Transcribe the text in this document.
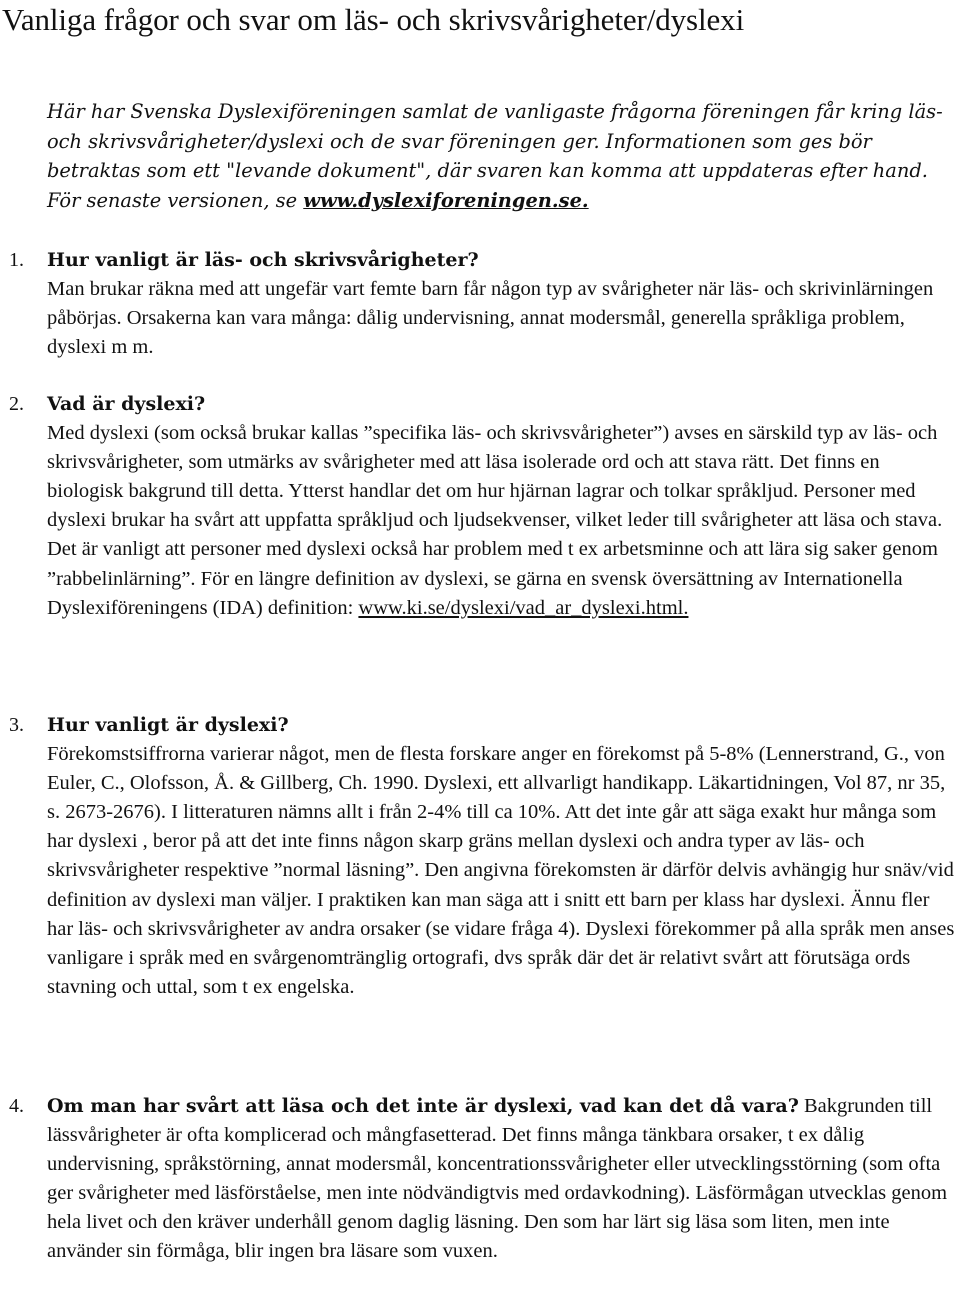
Vanliga frågor och svar om läs- och skrivsvårigheter/dyslexi

Här har Svenska Dyslexiföreningen samlat de vanligaste frågorna föreningen får kring läs- och skrivsvårigheter/dyslexi och de svar föreningen ger. Informationen som ges bör betraktas som ett "levande dokument", där svaren kan komma att uppdateras efter hand. För senaste versionen, se www.dyslexiforeningen.se.

1. Hur vanligt är läs- och skrivsvårigheter?
Man brukar räkna med att ungefär vart femte barn får någon typ av svårigheter när läs- och skrivinlärningen påbörjas. Orsakerna kan vara många: dålig undervisning, annat modersmål, generella språkliga problem, dyslexi m m.

2. Vad är dyslexi?
Med dyslexi (som också brukar kallas ”specifika läs- och skrivsvårigheter”) avses en särskild typ av läs- och skrivsvårigheter, som utmärks av svårigheter med att läsa isolerade ord och att stava rätt. Det finns en biologisk bakgrund till detta. Ytterst handlar det om hur hjärnan lagrar och tolkar språkljud. Personer med dyslexi brukar ha svårt att uppfatta språkljud och ljudsekvenser, vilket leder till svårigheter att läsa och stava. Det är vanligt att personer med dyslexi också har problem med t ex arbetsminne och att lära sig saker genom ”rabbelinlärning”. För en längre definition av dyslexi, se gärna en svensk översättning av Internationella Dyslexiföreningens (IDA) definition: www.ki.se/dyslexi/vad_ar_dyslexi.html.

3. Hur vanligt är dyslexi?
Förekomstsiffrorna varierar något, men de flesta forskare anger en förekomst på 5-8% (Lennerstrand, G., von Euler, C., Olofsson, Å. & Gillberg, Ch. 1990. Dyslexi, ett allvarligt handikapp. Läkartidningen, Vol 87, nr 35, s. 2673-2676). I litteraturen nämns allt i från 2-4% till ca 10%. Att det inte går att säga exakt hur många som har dyslexi , beror på att det inte finns någon skarp gräns mellan dyslexi och andra typer av läs- och skrivsvårigheter respektive ”normal läsning”. Den angivna förekomsten är därför delvis avhängig hur snäv/vid definition av dyslexi man väljer. I praktiken kan man säga att i snitt ett barn per klass har dyslexi. Ännu fler har läs- och skrivsvårigheter av andra orsaker (se vidare fråga 4). Dyslexi förekommer på alla språk men anses vanligare i språk med en svårgenomtränglig ortografi, dvs språk där det är relativt svårt att förutsäga ords stavning och uttal, som t ex engelska.

4. Om man har svårt att läsa och det inte är dyslexi, vad kan det då vara? Bakgrunden till lässvårigheter är ofta komplicerad och mångfasetterad. Det finns många tänkbara orsaker, t ex dålig undervisning, språkstörning, annat modersmål, koncentrationssvårigheter eller utvecklingsstörning (som ofta ger svårigheter med läsförståelse, men inte nödvändigtvis med ordavkodning). Läsförmågan utvecklas genom hela livet och den kräver underhåll genom daglig läsning. Den som har lärt sig läsa som liten, men inte använder sin förmåga, blir ingen bra läsare som vuxen.
